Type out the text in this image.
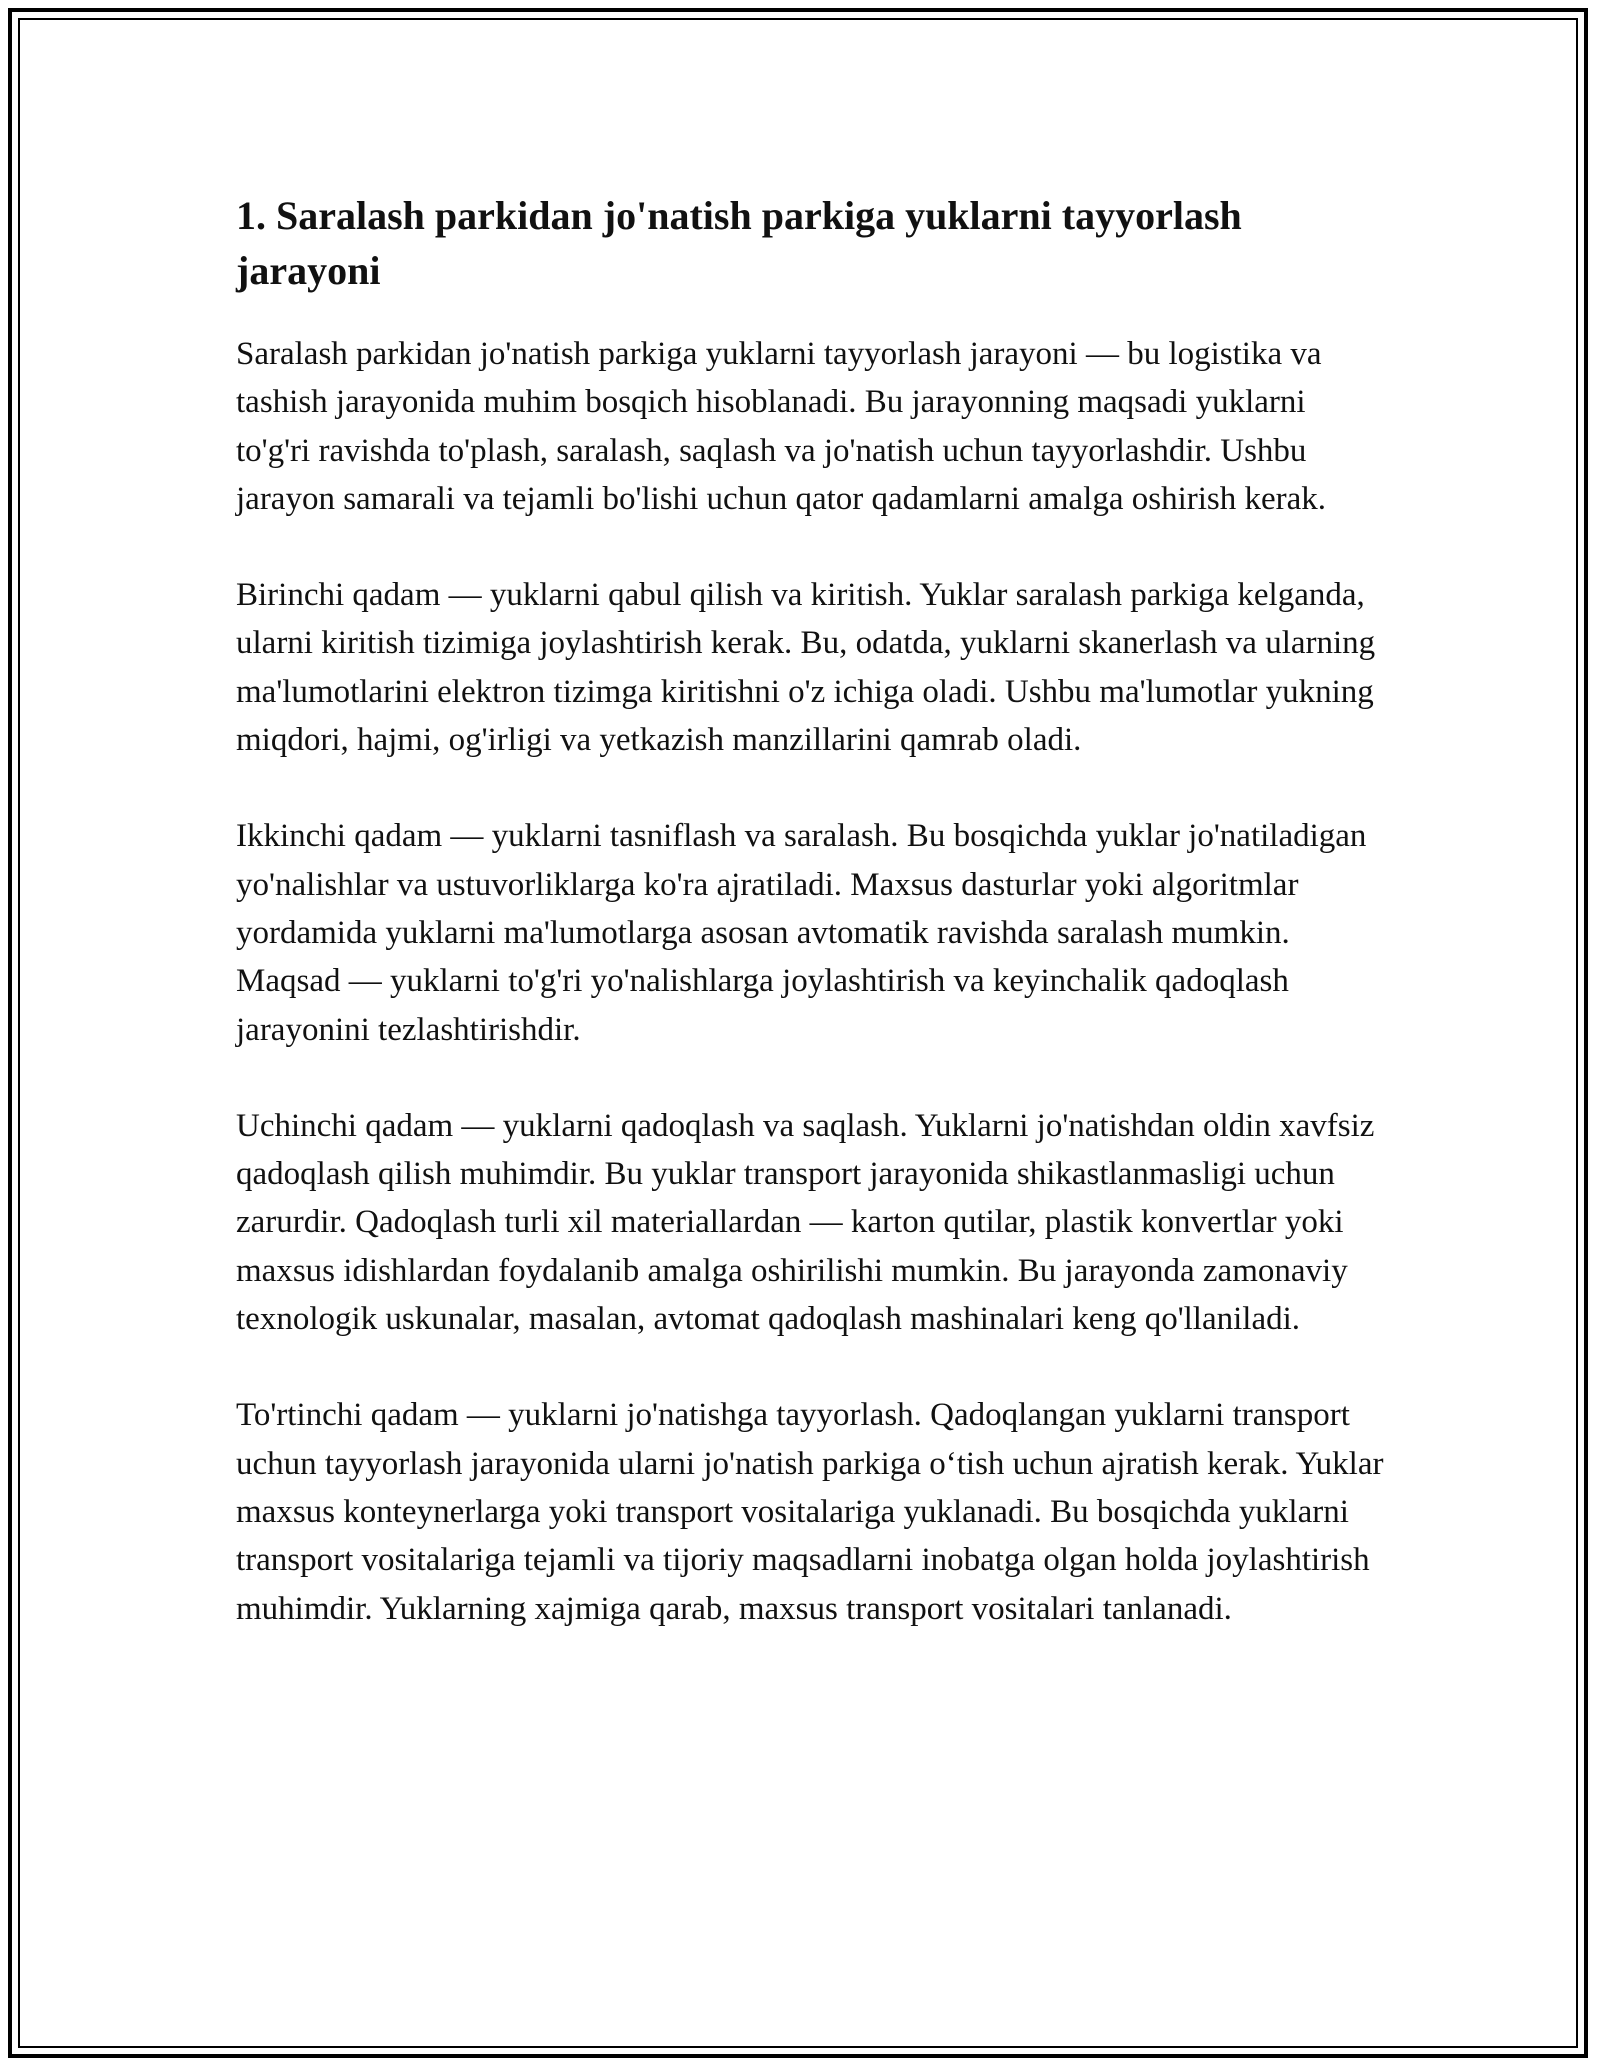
1. Saralash parkidan jo'natish parkiga yuklarni tayyorlash jarayoni

Saralash parkidan jo'natish parkiga yuklarni tayyorlash jarayoni — bu logistika va tashish jarayonida muhim bosqich hisoblanadi. Bu jarayonning maqsadi yuklarni to'g'ri ravishda to'plash, saralash, saqlash va jo'natish uchun tayyorlashdir. Ushbu jarayon samarali va tejamli bo'lishi uchun qator qadamlarni amalga oshirish kerak.

Birinchi qadam — yuklarni qabul qilish va kiritish. Yuklar saralash parkiga kelganda, ularni kiritish tizimiga joylashtirish kerak. Bu, odatda, yuklarni skanerlash va ularning ma'lumotlarini elektron tizimga kiritishni o'z ichiga oladi. Ushbu ma'lumotlar yukning miqdori, hajmi, og'irligi va yetkazish manzillarini qamrab oladi.

Ikkinchi qadam — yuklarni tasniflash va saralash. Bu bosqichda yuklar jo'natiladigan yo'nalishlar va ustuvorliklarga ko'ra ajratiladi. Maxsus dasturlar yoki algoritmlar yordamida yuklarni ma'lumotlarga asosan avtomatik ravishda saralash mumkin. Maqsad — yuklarni to'g'ri yo'nalishlarga joylashtirish va keyinchalik qadoqlash jarayonini tezlashtirishdir.

Uchinchi qadam — yuklarni qadoqlash va saqlash. Yuklarni jo'natishdan oldin xavfsiz qadoqlash qilish muhimdir. Bu yuklar transport jarayonida shikastlanmasligi uchun zarurdir. Qadoqlash turli xil materiallardan — karton qutilar, plastik konvertlar yoki maxsus idishlardan foydalanib amalga oshirilishi mumkin. Bu jarayonda zamonaviy texnologik uskunalar, masalan, avtomat qadoqlash mashinalari keng qo'llaniladi.

To'rtinchi qadam — yuklarni jo'natishga tayyorlash. Qadoqlangan yuklarni transport uchun tayyorlash jarayonida ularni jo'natish parkiga o‘tish uchun ajratish kerak. Yuklar maxsus konteynerlarga yoki transport vositalariga yuklanadi. Bu bosqichda yuklarni transport vositalariga tejamli va tijoriy maqsadlarni inobatga olgan holda joylashtirish muhimdir. Yuklarning xajmiga qarab, maxsus transport vositalari tanlanadi.
